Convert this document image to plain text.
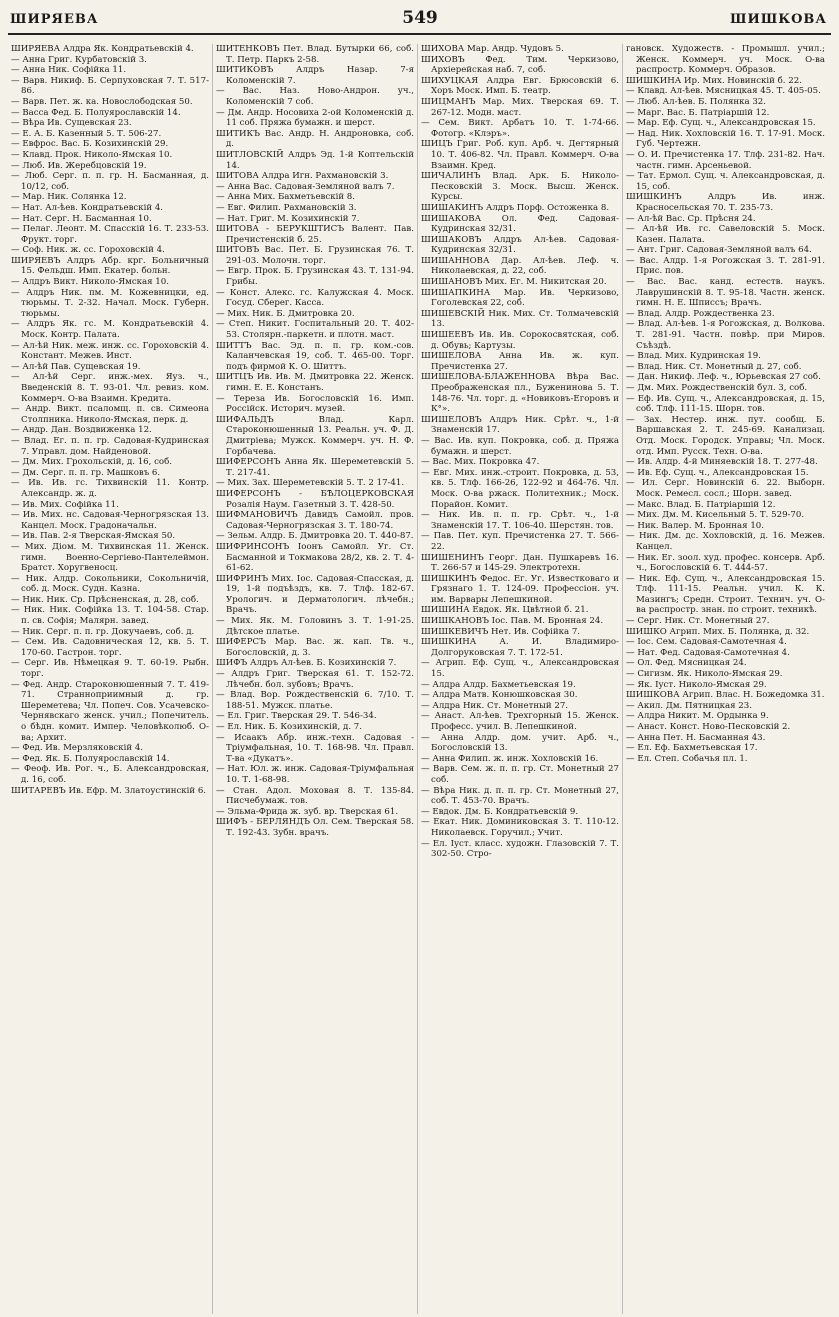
ШИРЯЕВА	549	ШИШКОВА

ШИРЯЕВА Алдра Як. Кондратьевскій 4.

— Анна Григ. Курбатовскій 3.

— Анна Ник. Софійка 11.

— Варв. Никиф. Б. Серпуховская 7. Т. 517-86.

— Варв. Пет. ж. ка. Новослободская 50.

— Васса Фед. Б. Полуярославскій 14.

— Вѣра Ив. Сущевская 23.

— Е. А. Б. Казенный 5. Т. 506-27.

— Евфрос. Вас. Б. Козихинскій 29.

— Клавд. Прок. Николо-Ямская 10.

— Люб. Ив. Жеребцовскій 19.

— Люб. Серг. п. п. гр. Н. Басманная, д. 10/12, соб.

— Мар. Ник. Солянка 12.

— Нат. Ал-ѣев. Кондратьевскій 4.

— Нат. Серг. Н. Басманная 10.

— Пелаг. Леонт. М. Спасскій 16. Т. 233-53. Фрукт. торг.

— Соф. Ник. ж. сс. Гороховскій 4.

ШИРЯЕВЪ Алдръ Абр. крг. Больничный 15. Фельдш. Имп. Екатер. больн.

— Алдръ Викт. Николо-Ямская 10.

— Алдръ Ник. пм. М. Кожевницки, ед. тюрьмы. Т. 2-32. Начал. Моск. Губерн. тюрьмы.

— Алдръ Як. гс. М. Кондратьевскій 4. Моск. Контр. Палата.

— Ал-ѣй Ник. меж. инж. сс. Гороховскій 4. Констант. Межев. Инст.

— Ал-ѣй Пав. Сущевская 19.

— Ал-ѣй Серг. инж.-мех. Яуз. ч., Введенскій 8. Т. 93-01. Чл. ревиз. ком. Коммерч. О-ва Взаимн. Кредита.

— Андр. Викт. псаломщ. п. св. Симеона Столпника. Николо-Ямская, перк. д.

— Андр. Дан. Воздвиженка 12.

— Влад. Ег. п. п. гр. Садовая-Кудринская 7. Управл. дом. Найденовой.

— Дм. Мих. Грохольскій, д. 16, соб.

— Дм. Серг. п. п. гр. Машковъ 6.

— Ив. Ив. гс. Тихвинскій 11. Контр. Александр. ж. д.

— Ив. Мих. Софійка 11.

— Ив. Мих. нс. Садовая-Черногрязская 13. Канцел. Моск. Градоначальн.

— Ив. Пав. 2-я Тверская-Ямская 50.

— Мих. Діом. М. Тихвинская 11. Женск. гимн. Военно-Сергіево-Пантелеймон. Братст. Хоругвеносц.

— Ник. Алдр. Сокольники, Сокольничій, соб. д. Моск. Судн. Казна.

— Ник. Ник. Ср. Прѣсненская, д. 28, соб.

— Ник. Ник. Софійка 13. Т. 104-58. Стар. п. св. Софія; Малярн. завед.

— Ник. Серг. п. п. гр. Докучаевъ, соб. д.

— Сем. Ив. Садовническая 12, кв. 5. Т. 170-60. Гастрон. торг.

— Серг. Ив. Нѣмецкая 9. Т. 60-19. Рыбн. торг.

— Фед. Андр. Староконюшенный 7. Т. 419-71. Странноприимный д. гр. Шереметева; Чл. Попеч. Сов. Усачевско-Чернявскаго женск. учил.; Попечитель. о бѣдн. комит. Импер. Человѣколюб. О-ва; Архит.

— Фед. Ив. Мерзляковскій 4.

— Фед. Як. Б. Полуярославскій 14.

— Феоф. Ив. Рог. ч., Б. Александровская, д. 16, соб.

ШИТАРЕВЪ Ив. Ефр. М. Златоустинскій 6.

ШИТЕНКОВЪ Пет. Влад. Бутырки 66, соб. Т. Петр. Паркъ 2-58.

ШИТИКОВЪ Алдръ Назар. 7-я Коломенскій 7.

— Вас. Наз. Ново-Андрон. уч., Коломенскій 7 соб.

— Дм. Андр. Носовиха 2-ой Коломенскій д. 11 соб. Пряжа бумажн. и шерст.

ШИТИКЪ Вас. Андр. Н. Андроновка, соб. д.

ШИТЛОВСКІЙ Алдръ Эд. 1-й Коптельскій 14.

ШИТОВА Алдра Игн. Рахмановскій 3.

— Анна Вас. Садовая-Земляной валъ 7.

— Анна Мих. Бахметьевскій 8.

— Евг. Филип. Рахмановскій 3.

— Нат. Григ. М. Козихинскій 7.

ШИТОВА - БЕРУКШТИСЪ Валент. Пав. Пречистенскій б. 25.

ШИТОВЪ Вас. Пет. Б. Грузинская 76. Т. 291-03. Молочн. торг.

— Евгр. Прок. Б. Грузинская 43. Т. 131-94. Грибы.

— Конст. Алекс. гс. Калужская 4. Моск. Госуд. Сберег. Касса.

— Мих. Ник. Б. Дмитровка 20.

— Степ. Никит. Госпитальный 20. Т. 402-53. Столярн.-паркетн. и плотн. маст.

ШИТТЪ Вас. Эд. п. п. гр. ком.-сов. Каланчевская 19, соб. Т. 465-00. Торг. подъ фирмой К. О. Шиттъ.

ШИТЦЪ Ив. Ив. М. Дмитровка 22. Женск. гимн. Е. Е. Констанъ.

— Тереза Ив. Богословскій 16. Имп. Россійск. Историч. музей.

ШИФАЛЬДЪ Влад. Карл. Староконюшенный 13. Реальн. уч. Ф. Д. Дмитріева; Мужск. Коммерч. уч. Н. Ф. Горбачева.

ШИФЕРСОНЪ Анна Як. Шереметевскій 5. Т. 217-41.

— Мих. Зах. Шереметевскій 5. Т. 2 17-41.

ШИФЕРСОНЪ - БѢЛОЦЕРКОВСКАЯ Розалія Наум. Газетный 3. Т. 428-50.

ШИФМАНОВИЧЪ Давидъ Самойл. пров. Садовая-Черногрязская 3. Т. 180-74.

— Зельм. Алдр. Б. Дмитровка 20. Т. 440-87.

ШИФРИНСОНЪ Іоонъ Самойл. Уг. Ст. Басманной и Токмакова 28/2, кв. 2. Т. 4-61-62.

ШИФРИНЪ Мих. Іос. Садовая-Спасская, д. 19, 1-й подъѣздъ, кв. 7. Тлф. 182-67. Урологич. и Дерматологич. лѣчебн.; Врачъ.

— Мих. Як. М. Головинъ 3. Т. 1-91-25. Дѣтское платье.

ШИФЕРСЪ Мар. Вас. ж. кап. Тв. ч., Богословскій, д. 3.

ШИФЪ Алдръ Ал-ѣев. Б. Козихинскій 7.

— Алдръ Григ. Тверская 61. Т. 152-72. Лѣчебн. бол. зубовъ; Врачъ.

— Влад. Вор. Рождественскій 6. 7/10. Т. 188-51. Мужск. платье.

— Ел. Григ. Тверская 29. Т. 546-34.

— Ел. Ник. Б. Козихинскій, д. 7.

— Исаакъ Абр. инж.-техн. Садовая - Тріумфальная, 10. Т. 168-98. Чл. Правл. Т-ва «Дукатъ».

— Нат. Юл. ж. инж. Садовая-Тріумфальная 10. Т. 1-68-98.

— Стан. Адол. Моховая 8. Т. 135-84. Писчебумаж. тов.

— Эльма-Фрида ж. зуб. вр. Тверская 61.

ШИФЪ - БЕРЛЯНДЪ Ол. Сем. Тверская 58. Т. 192-43. Зубн. врачъ.

ШИХОВА Мар. Андр. Чудовъ 5.

ШИХОВЪ Фед. Тим. Черкизово, Архіерейская наб. 7, соб.

ШИХУЦКАЯ Алдра Евг. Брюсовскій 6. Хоръ Моск. Имп. Б. театр.

ШИЦМАНЪ Мар. Мих. Тверская 69. Т. 267-12. Модн. маст.

— Сем. Викт. Арбатъ 10. Т. 1-74-66. Фотогр. «Клэръ».

ШИЦЪ Григ. Роб. куп. Арб. ч. Дегтярный 10. Т. 406-82. Чл. Правл. Коммерч. О-ва Взаимн. Кред.

ШИЧАЛИНЪ Влад. Арк. Б. Николо-Песковскій 3. Моск. Высш. Женск. Курсы.

ШИШАКИНЪ Алдръ Порф. Остоженка 8.

ШИШАКОВА Ол. Фед. Садовая-Кудринская 32/31.

ШИШАКОВЪ Алдръ Ал-ѣев. Садовая-Кудринская 32/31.

ШИШАННОВА Дар. Ал-ѣев. Леф. ч. Николаевская, д. 22, соб.

ШИШАНОВЪ Мих. Ег. М. Никитская 20.

ШИШАПКИНА Мар. Ив. Черкизово, Гоголевская 22, соб.

ШИШЕВСКІЙ Ник. Мих. Ст. Толмачевскій 13.

ШИШЕЕВЪ Ив. Ив. Сорокосвятская, соб. д. Обувь; Картузы.

ШИШЕЛОВА Анна Ив. ж. куп. Пречистенка 27.

ШИШЕЛОВА-БЛАЖЕННОВА Вѣра Вас. Преображенская пл., Буженинова 5. Т. 148-76. Чл. торг. д. «Новиковъ-Егоровъ и К°».

ШИШЕЛОВЪ Алдръ Ник. Срѣт. ч., 1-й Знаменскій 17.

— Вас. Ив. куп. Покровка, соб. д. Пряжа бумажн. и шерст.

— Вас. Мих. Покровка 47.

— Евг. Мих. инж.-строит. Покровка, д. 53, кв. 5. Тлф. 166-26, 122-92 и 464-76. Чл. Моск. О-ва ржаск. Политехник.; Моск. Порайон. Комит.

— Ник. Ив. п. п. гр. Срѣт. ч., 1-й Знаменскій 17. Т. 106-40. Шерстян. тов.

— Пав. Пет. куп. Пречистенка 27. Т. 566-22.

ШИШЕНИНЪ Георг. Дан. Пушкаревъ 16. Т. 266-57 и 145-29. Электротехн.

ШИШКИНЪ Федос. Ег. Уг. Известковаго и Грязнаго 1. Т. 124-09. Профессіон. уч. им. Варвары Лепешкиной.

ШИШИНА Евдок. Як. Цвѣтной б. 21.

ШИШКАНОВЪ Іос. Пав. М. Бронная 24.

ШИШКЕВИЧЪ Нет. Ив. Софійка 7.

ШИШКИНА А. И. Владимиро-Долгоруковская 7. Т. 172-51.

— Агрип. Еф. Сущ. ч., Александровская 15.

— Алдра Алдр. Бахметьевская 19.

— Алдра Матв. Конюшковская 30.

— Алдра Ник. Ст. Монетный 27.

— Анаст. Ал-ѣев. Трехгорный 15. Женск. Професс. учил. В. Лепешкиной.

— Анна Алдр. дом. учит. Арб. ч., Богословскій 13.

— Анна Филип. ж. инж. Хохловскій 16.

— Варв. Сем. ж. п. п. гр. Ст. Монетный 27 соб.

— Вѣра Ник. д. п. п. гр. Ст. Монетный 27, соб. Т. 453-70. Врачъ.

— Евдок. Дм. Б. Кондратьевскій 9.

— Екат. Ник. Доминиковская 3. Т. 110-12. Николаевск. Горучил.; Учит.

— Ел. Іуст. класс. художн. Глазовскій 7. Т. 302-50. Стро-

гановск. Художеств. - Промышл. учил.; Женск. Коммерч. уч. Моск. О-ва распростр. Коммерч. Образов.

ШИШКИНА Ир. Мих. Новинскій б. 22.

— Клавд. Ал-ѣев. Мясницкая 45. Т. 405-05.

— Люб. Ал-ѣев. Б. Полянка 32.

— Марг. Вас. Б. Патріаршій 12.

— Мар. Еф. Сущ. ч., Александровская 15.

— Над. Ник. Хохловскій 16. Т. 17-91. Моск. Губ. Чертежн.

— О. И. Пречистенка 17. Тлф. 231-82. Нач. частн. гимн. Арсеньевой.

— Тат. Ермол. Сущ. ч. Александровская, д. 15, соб.

ШИШКИНЪ Алдръ Ив. инж. Красносельская 70. Т. 235-73.

— Ал-ѣй Вас. Ср. Прѣсня 24.

— Ал-ѣй Ив. гс. Савеловскій 5. Моск. Казен. Палата.

— Ант. Григ. Садовая-Земляной валъ 64.

— Вас. Алдр. 1-я Рогожская 3. Т. 281-91. Прис. пов.

— Вас. Вас. канд. естеств. наукъ. Лаврушинскій 8. Т. 95-18. Частн. женск. гимн. Н. Е. Шписсъ; Врачъ.

— Влад. Алдр. Рождественка 23.

— Влад. Ал-ѣев. 1-я Рогожская, д. Волкова. Т. 281-91. Частн. повѣр. при Миров. Съѣздѣ.

— Влад. Мих. Кудринская 19.

— Влад. Ник. Ст. Монетный д. 27, соб.

— Дан. Никиф. Леф. ч., Юрьевская 27 соб.

— Дм. Мих. Рождественскій бул. 3, соб.

— Еф. Ив. Сущ. ч., Александровская, д. 15, соб. Тлф. 111-15. Шорн. тов.

— Зах. Нестер. инж. пут. сообщ. Б. Варшавская 2. Т. 245-69. Канализац. Отд. Моск. Городск. Управы; Чл. Моск. отд. Имп. Русск. Техн. О-ва.

— Ив. Алдр. 4-й Миняевскій 18. Т. 277-48.

— Ив. Еф. Сущ. ч., Александровская 15.

— Ил. Серг. Новинскій 6. 22. Выборн. Моск. Ремесл. сосл.; Шорн. завед.

— Макс. Влад. Б. Патріаршій 12.

— Мих. Дм. М. Кисельный 5. Т. 529-70.

— Ник. Валер. М. Бронная 10.

— Ник. Дм. дс. Хохловскій, д. 16. Межев. Канцел.

— Ник. Ег. зоол. худ. профес. консерв. Арб. ч., Богословскій 6. Т. 444-57.

— Ник. Еф. Сущ. ч., Александровская 15. Тлф. 111-15. Реальн. учил. К. К. Мазингъ; Средн. Строит. Технич. уч. О-ва распростр. знан. по строит. техникѣ.

— Серг. Ник. Ст. Монетный 27.

ШИШКО Агрип. Мих. Б. Полянка, д. 32.

— Іос. Сем. Садовая-Самотечная 4.

— Нат. Фед. Садовая-Самотечная 4.

— Ол. Фед. Мясницкая 24.

— Сигизм. Як. Николо-Ямская 29.

— Як. Іуст. Николо-Ямская 29.

ШИШКОВА Агрип. Влас. Н. Божедомка 31.

— Акил. Дм. Пятницкая 23.

— Алдра Никит. М. Ордынка 9.

— Анаст. Конст. Ново-Песковскій 2.

— Анна Пет. Н. Басманная 43.

— Ел. Еф. Бахметьевская 17.

— Ел. Степ. Собачья пл. 1.
